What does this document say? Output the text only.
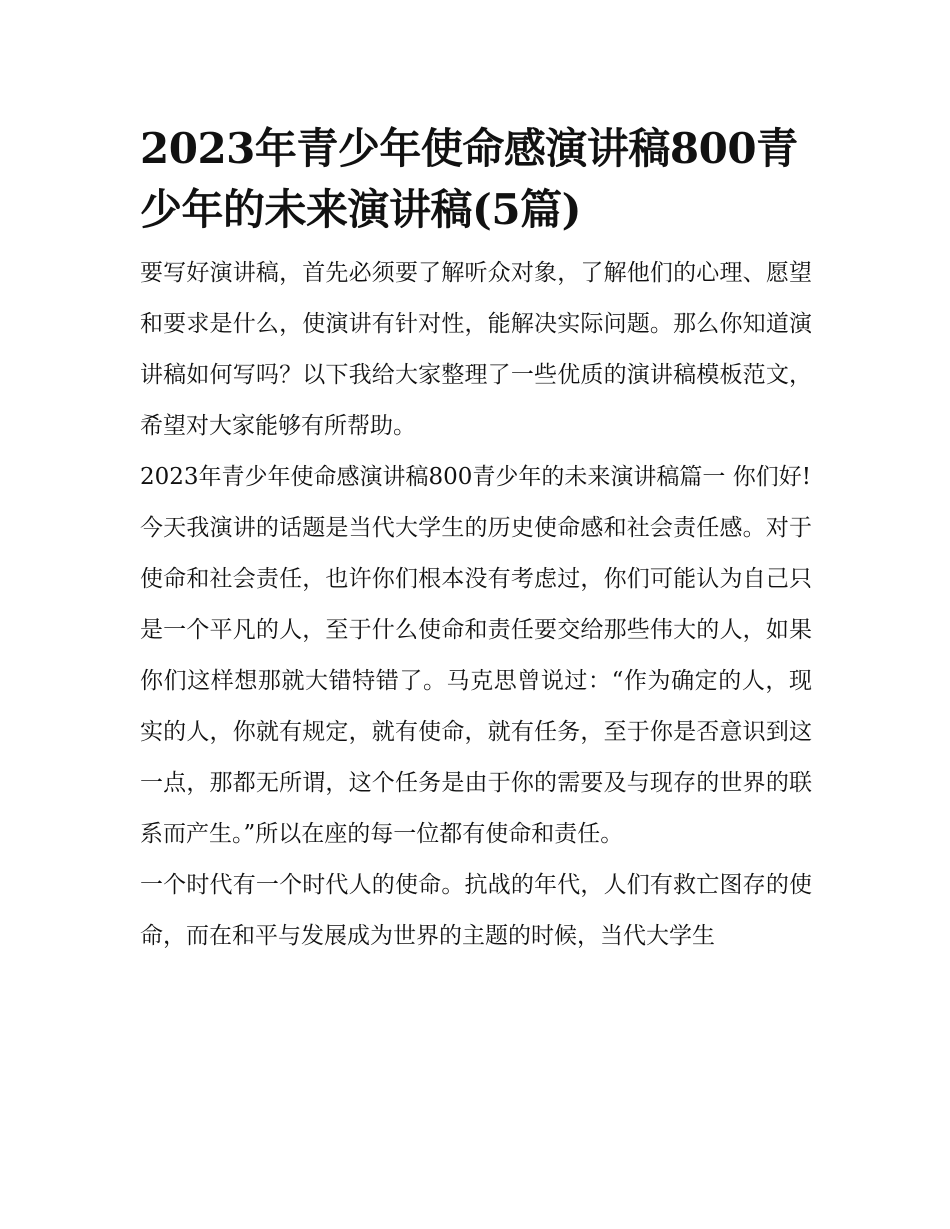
2023年青少年使命感演讲稿800青少年的未来演讲稿(5篇)

要写好演讲稿，首先必须要了解听众对象，了解他们的心理、愿望和要求是什么，使演讲有针对性，能解决实际问题。那么你知道演讲稿如何写吗？以下我给大家整理了一些优质的演讲稿模板范文，希望对大家能够有所帮助。

2023年青少年使命感演讲稿800青少年的未来演讲稿篇一 你们好!

今天我演讲的话题是当代大学生的历史使命感和社会责任感。对于使命和社会责任，也许你们根本没有考虑过，你们可能认为自己只是一个平凡的人，至于什么使命和责任要交给那些伟大的人，如果你们这样想那就大错特错了。马克思曾说过：“作为确定的人，现实的人，你就有规定，就有使命，就有任务，至于你是否意识到这一点，那都无所谓，这个任务是由于你的需要及与现存的世界的联系而产生。”所以在座的每一位都有使命和责任。

一个时代有一个时代人的使命。抗战的年代，人们有救亡图存的使命，而在和平与发展成为世界的主题的时候，当代大学生
